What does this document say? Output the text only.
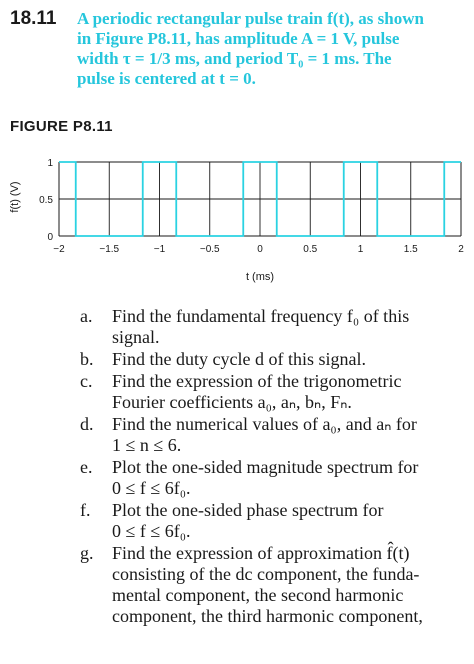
18.11 A periodic rectangular pulse train f(t), as shown
in Figure P8.11, has amplitude A = 1 V, pulse
width τ = 1/3 ms, and period T₀ = 1 ms. The
pulse is centered at t = 0.
FIGURE P8.11
−2	−1.5	−1	−0.5	0	0.5	1	1.5	2
0
0.5
1
t (ms)
f(t) (V)
a.	Find the fundamental frequency f₀ of this
signal.
b.	Find the duty cycle d of this signal.
c.	Find the expression of the trigonometric
Fourier coefficients a₀, aₙ, bₙ, Fₙ.
d.	Find the numerical values of a₀, and aₙ for
1 ≤ n ≤ 6.
e.	Plot the one-sided magnitude spectrum for
0 ≤ f ≤ 6f₀.
f.	Plot the one-sided phase spectrum for
0 ≤ f ≤ 6f₀.
g.	Find the expression of approximation f̂(t)
consisting of the dc component, the funda-
mental component, the second harmonic
component, the third harmonic component,
